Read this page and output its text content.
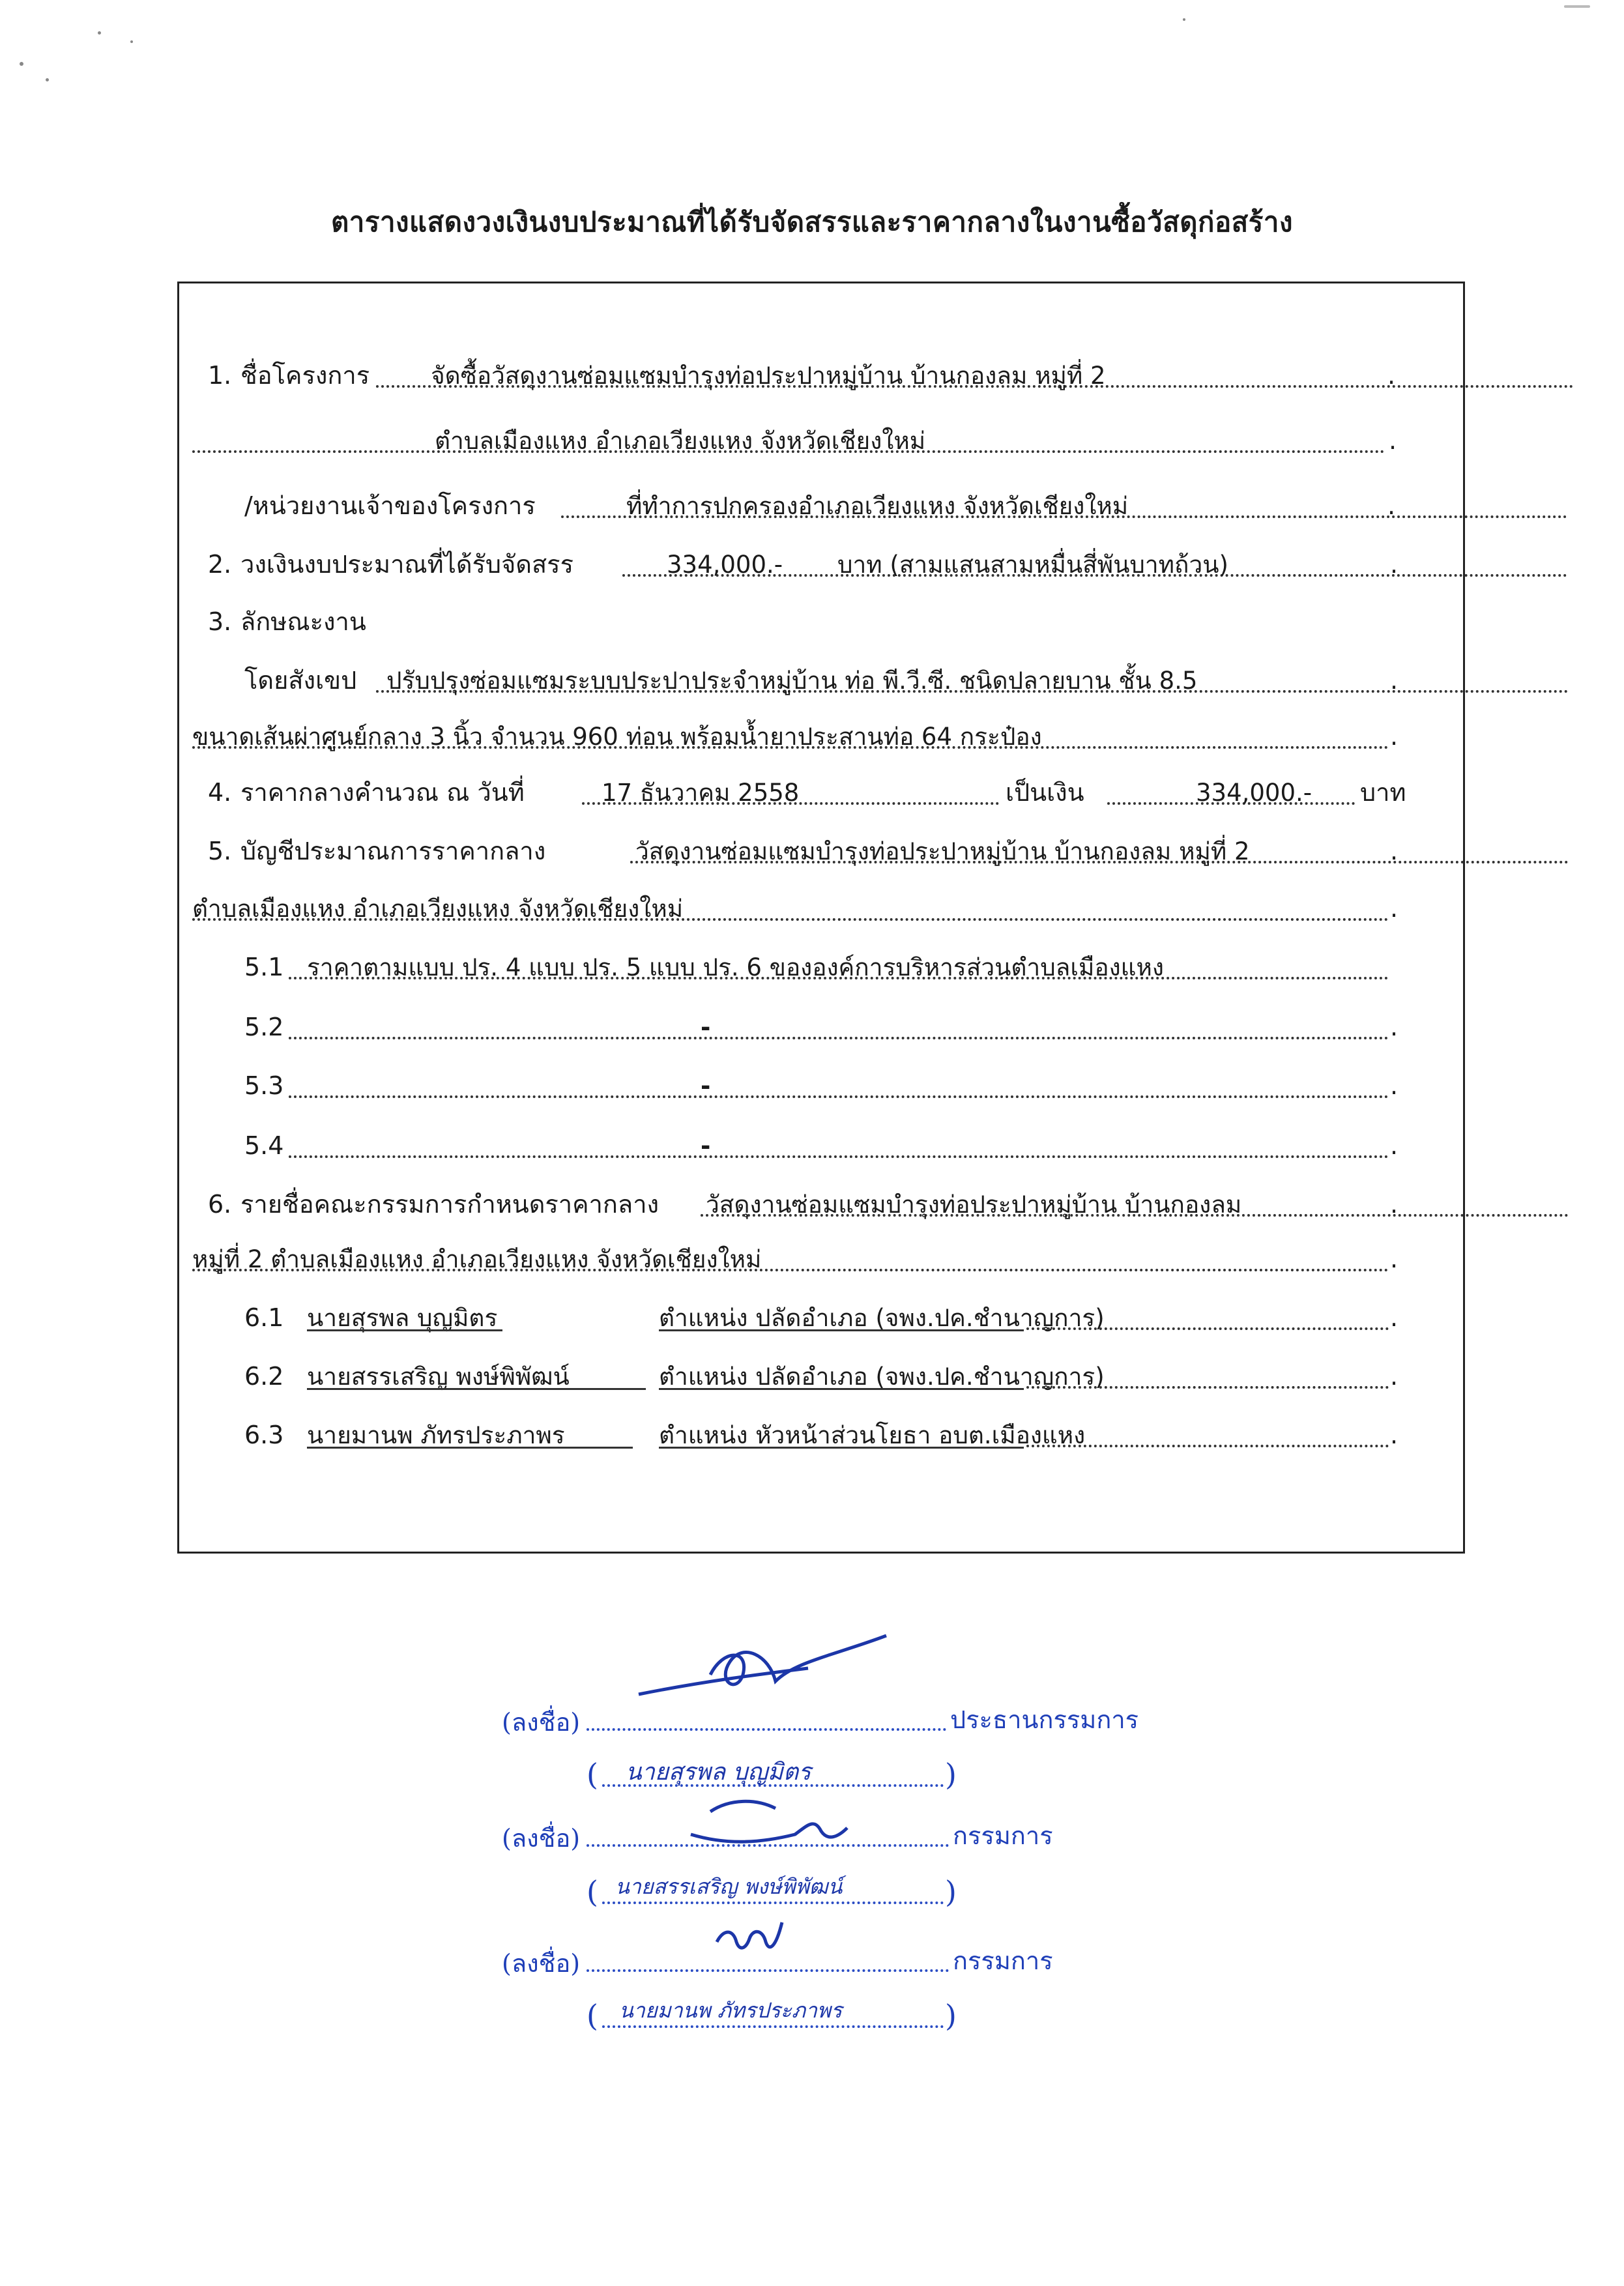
ตารางแสดงวงเงินงบประมาณที่ได้รับจัดสรรและราคากลางในงานซื้อวัสดุก่อสร้าง
1. ชื่อโครงการ	จัดซื้อวัสดุงานซ่อมแซมบำรุงท่อประปาหมู่บ้าน บ้านกองลม หมู่ที่ 2	.
ตำบลเมืองแหง อำเภอเวียงแหง จังหวัดเชียงใหม่	.
/หน่วยงานเจ้าของโครงการ	ที่ทำการปกครองอำเภอเวียงแหง จังหวัดเชียงใหม่	.
2. วงเงินงบประมาณที่ได้รับจัดสรร	334,000.- บาท (สามแสนสามหมื่นสี่พันบาทถ้วน)	.
3. ลักษณะงาน
โดยสังเขป ปรับปรุงซ่อมแซมระบบประปาประจำหมู่บ้าน ท่อ พี.วี.ซี. ชนิดปลายบาน ชั้น 8.5	.
ขนาดเส้นผ่าศูนย์กลาง 3 นิ้ว จำนวน 960 ท่อน พร้อมน้ำยาประสานท่อ 64 กระป๋อง	.
4. ราคากลางคำนวณ ณ วันที่	17 ธันวาคม 2558	เป็นเงิน	334,000.- บาท
5. บัญชีประมาณการราคากลาง	วัสดุงานซ่อมแซมบำรุงท่อประปาหมู่บ้าน บ้านกองลม หมู่ที่ 2	.
ตำบลเมืองแหง อำเภอเวียงแหง จังหวัดเชียงใหม่	.
5.1 ราคาตามแบบ ปร. 4 แบบ ปร. 5 แบบ ปร. 6 ขององค์การบริหารส่วนตำบลเมืองแหง
5.2	-	.
5.3	-	.
5.4	-	.
6. รายชื่อคณะกรรมการกำหนดราคากลาง วัสดุงานซ่อมแซมบำรุงท่อประปาหมู่บ้าน บ้านกองลม	.
หมู่ที่ 2 ตำบลเมืองแหง อำเภอเวียงแหง จังหวัดเชียงใหม่	.
6.1 นายสุรพล บุญมิตร	ตำแหน่ง ปลัดอำเภอ (จพง.ปค.ชำนาญการ)	.
6.2 นายสรรเสริญ พงษ์พิพัฒน์	ตำแหน่ง ปลัดอำเภอ (จพง.ปค.ชำนาญการ)	.
6.3 นายมานพ ภัทรประภาพร	ตำแหน่ง หัวหน้าส่วนโยธา อบต.เมืองแหง	.
(ลงชื่อ)	ประธานกรรมการ
( นายสุรพล บุญมิตร	)
(ลงชื่อ)	กรรมการ
( นายสรรเสริญ พงษ์พิพัฒน์	)
(ลงชื่อ)	กรรมการ
( นายมานพ ภัทรประภาพร	)
